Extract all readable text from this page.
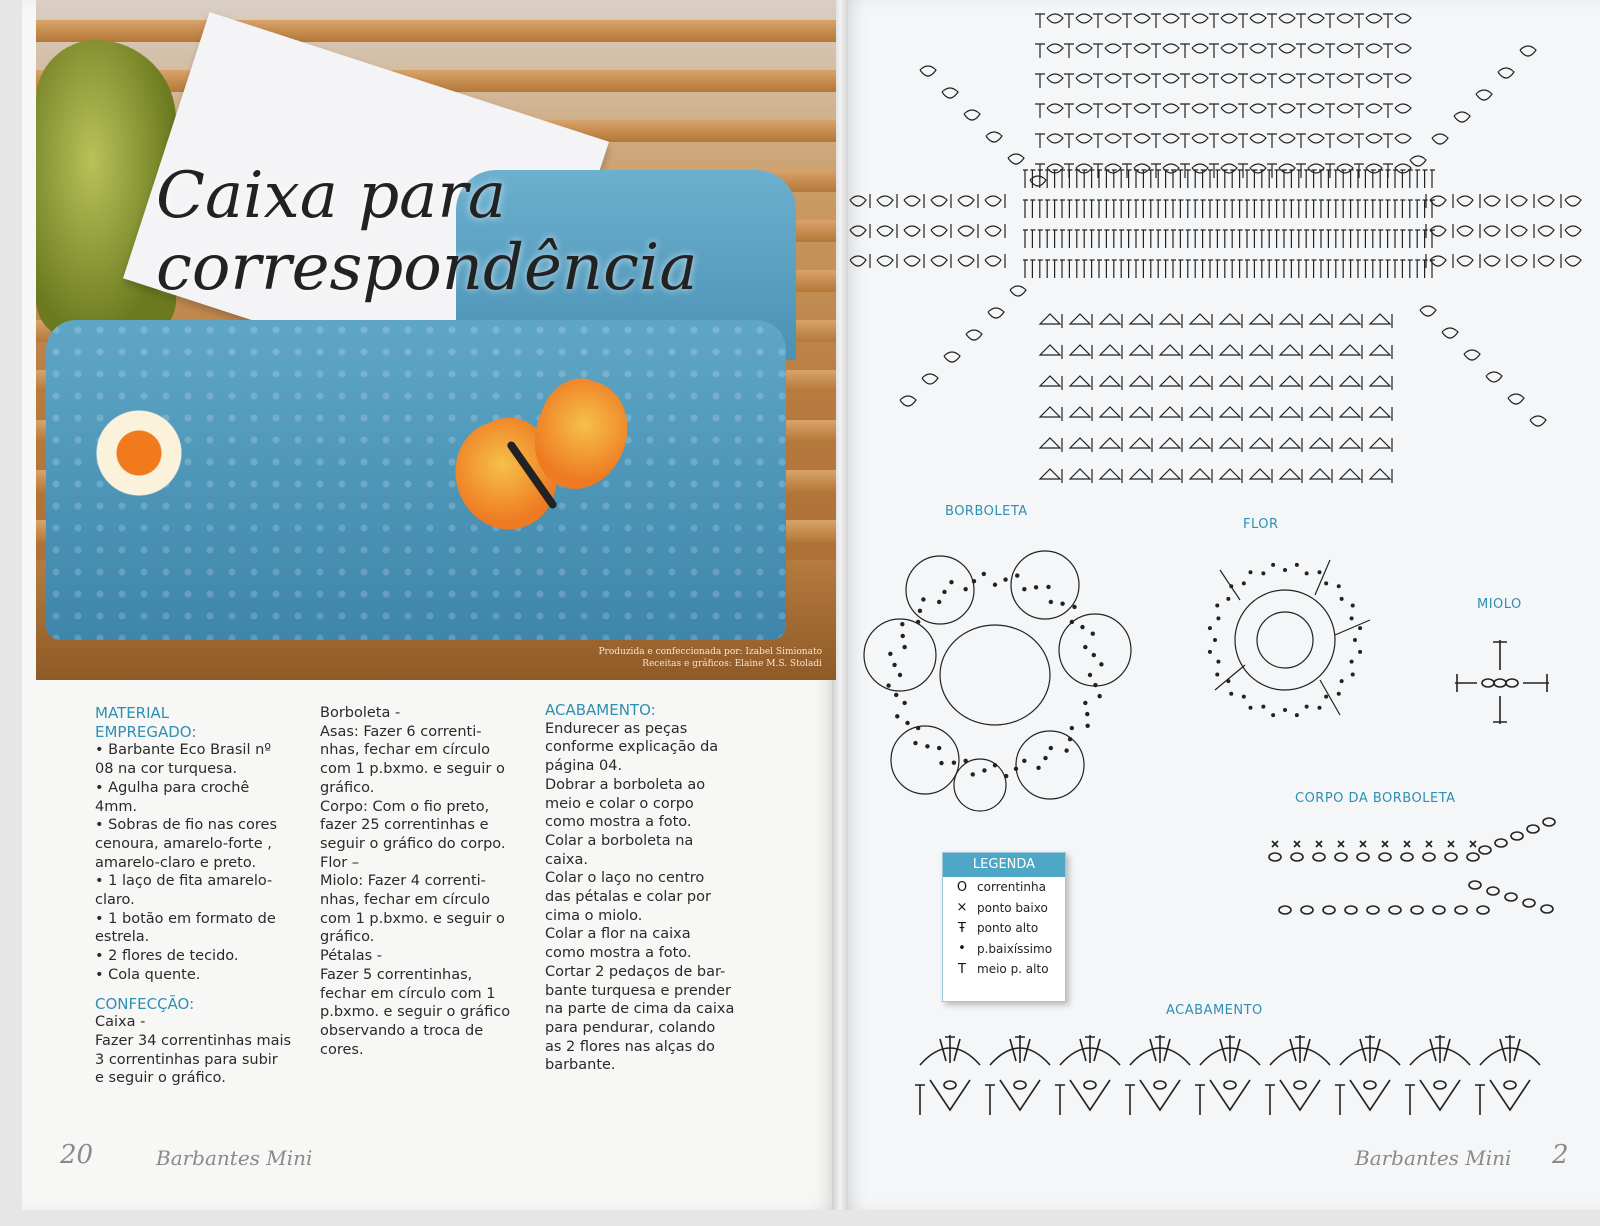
Caixa para
correspondência
Produzida e confeccionada por: Izabel Simionato
Receitas e gráficos: Elaine M.S. Stoladi

MATERIAL

EMPREGADO:

• Barbante Eco Brasil nº

08 na cor turquesa.

• Agulha para crochê

4mm.

• Sobras de fio nas cores

cenoura, amarelo-forte ,

amarelo-claro e preto.

• 1 laço de fita amarelo-

claro.

• 1 botão em formato de

estrela.

• 2 flores de tecido.

• Cola quente.

CONFECÇÃO:

Caixa -

Fazer 34 correntinhas mais

3 correntinhas para subir

e seguir o gráfico.

Borboleta -

Asas: Fazer 6 correnti-

nhas, fechar em círculo

com 1 p.bxmo. e seguir o

gráfico.

Corpo: Com o fio preto,

fazer 25 correntinhas e

seguir o gráfico do corpo.

Flor –

Miolo: Fazer 4 correnti-

nhas, fechar em círculo

com 1 p.bxmo. e seguir o

gráfico.

Pétalas -

Fazer 5 correntinhas,

fechar em círculo com 1

p.bxmo. e seguir o gráfico

observando a troca de

cores.

ACABAMENTO:

Endurecer as peças

conforme explicação da

página 04.

Dobrar a borboleta ao

meio e colar o corpo

como mostra a foto.

Colar a borboleta na

caixa.

Colar o laço no centro

das pétalas e colar por

cima o miolo.

Colar a flor na caixa

como mostra a foto.

Cortar 2 pedaços de bar-

bante turquesa e prender

na parte de cima da caixa

para pendurar, colando

as 2 flores nas alças do

barbante.

20	Barbantes Mini
BORBOLETA
FLOR
MIOLO
CORPO DA BORBOLETA
ACABAMENTO
LEGENDA
O correntinha
× ponto baixo
Ŧ ponto alto
• p.baixíssimo
T meio p. alto
Barbantes Mini 2
